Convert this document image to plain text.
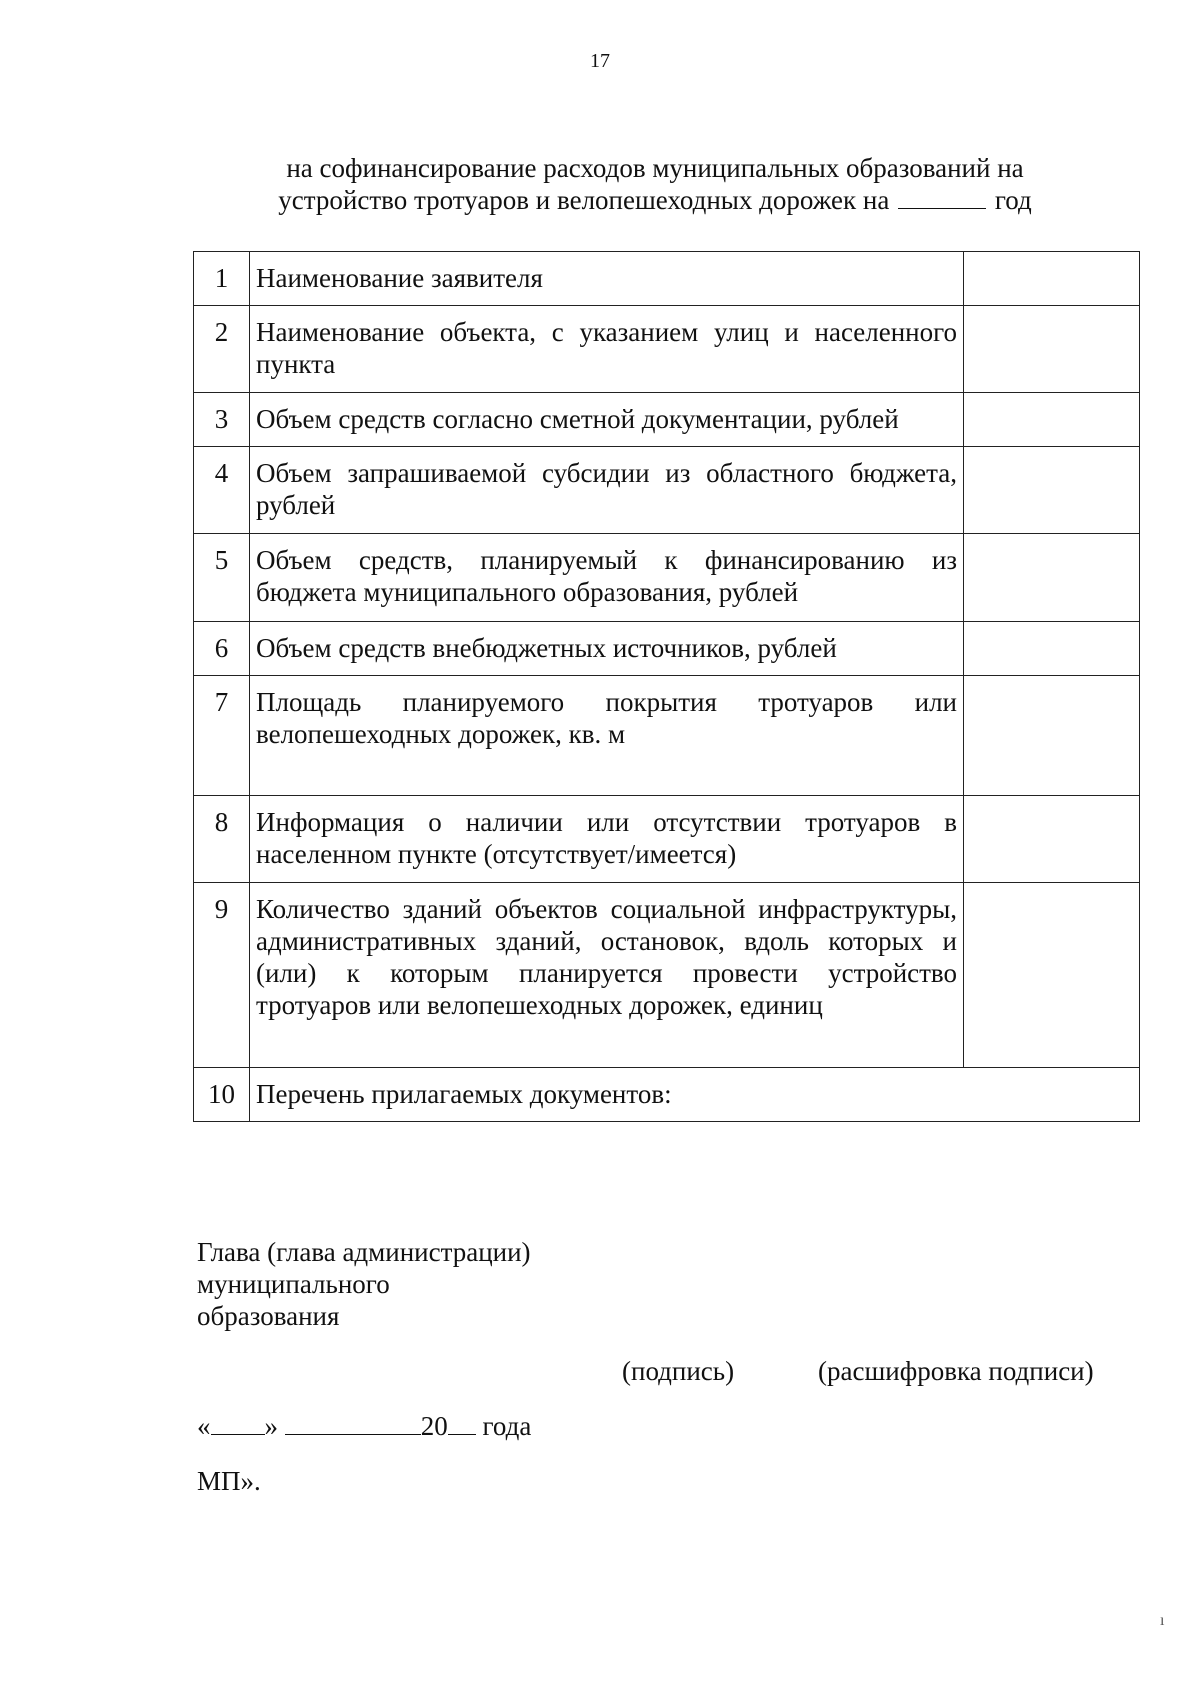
17
на софинансирование расходов муниципальных образований на
устройство тротуаров и велопешеходных дорожек на	год
1	Наименование заявителя	
2	Наименование объекта, с указанием улиц и населенного пункта	
3	Объем средств согласно сметной документации, рублей	
4	Объем запрашиваемой субсидии из областного бюджета, рублей	
5	Объем средств, планируемый к финансированию из бюджета муниципального образования, рублей	
6	Объем средств внебюджетных источников, рублей	
7	Площадь планируемого покрытия тротуаров или велопешеходных дорожек, кв. м	
8	Информация о наличии или отсутствии тротуаров в населенном пункте (отсутствует/имеется)	
9	Количество зданий объектов социальной инфраструктуры, административных зданий, остановок, вдоль которых и (или) к которым планируется провести устройство тротуаров или велопешеходных дорожек, единиц	
10	Перечень прилагаемых документов:	
Глава (глава администрации)
муниципального
образования
(подпись)	(расшифровка подписи)
« »	20 года
МП».
ı
